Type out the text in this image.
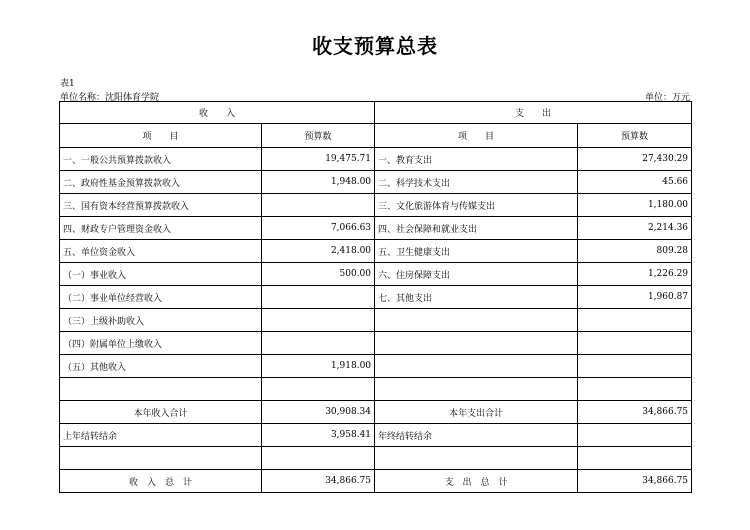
收支预算总表
表1
单位名称：沈阳体育学院	单位：万元
收　　入		支　　出	
项　　目	预算数	项　　目	预算数
一、一般公共预算拨款收入	19,475.71	一、教育支出	27,430.29
二、政府性基金预算拨款收入	1,948.00	二、科学技术支出	45.66
三、国有资本经营预算拨款收入		三、文化旅游体育与传媒支出	1,180.00
四、财政专户管理资金收入	7,066.63	四、社会保障和就业支出	2,214.36
五、单位资金收入	2,418.00	五、卫生健康支出	809.28
（一）事业收入	500.00	六、住房保障支出	1,226.29
（二）事业单位经营收入		七、其他支出	1,960.87
（三）上级补助收入			
（四）附属单位上缴收入			
（五）其他收入	1,918.00		

本年收入合计	30,908.34	本年支出合计	34,866.75
上年结转结余	3,958.41	年终结转结余	

收　入　总　计	34,866.75	支　出　总　计	34,866.75
